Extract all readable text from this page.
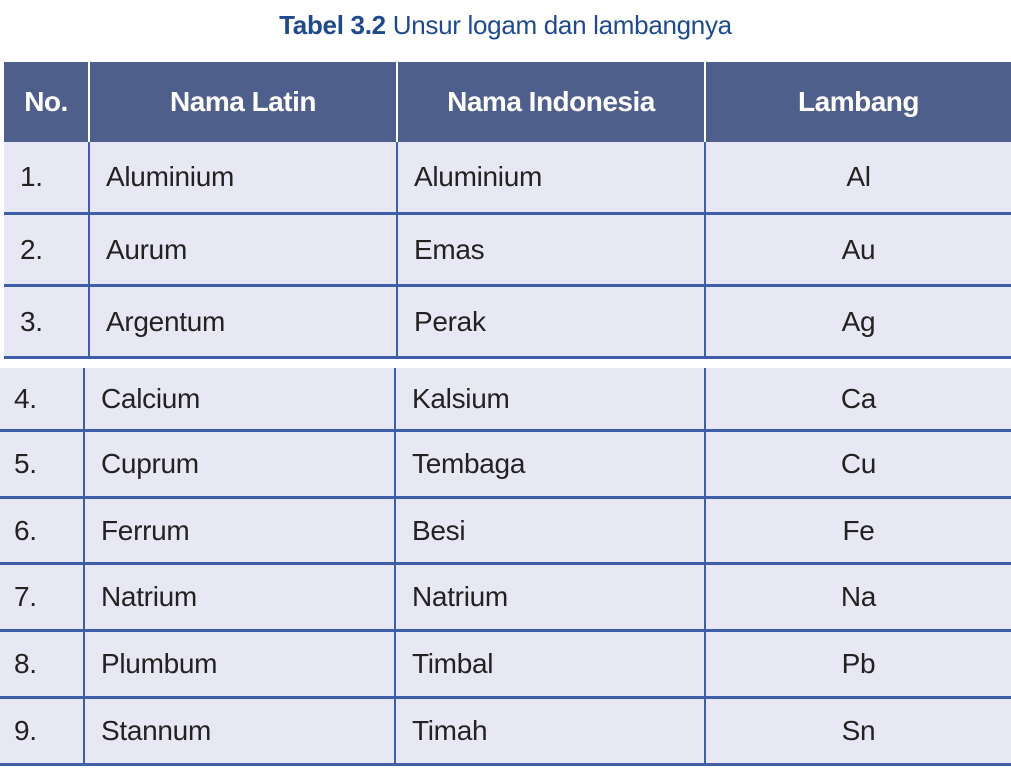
Tabel 3.2 Unsur logam dan lambangnya
No.	Nama Latin	Nama Indonesia	Lambang
1.	Aluminium	Aluminium	Al
2.	Aurum	Emas	Au
3.	Argentum	Perak	Ag
4.	Calcium	Kalsium	Ca
5.	Cuprum	Tembaga	Cu
6.	Ferrum	Besi	Fe
7.	Natrium	Natrium	Na
8.	Plumbum	Timbal	Pb
9.	Stannum	Timah	Sn
